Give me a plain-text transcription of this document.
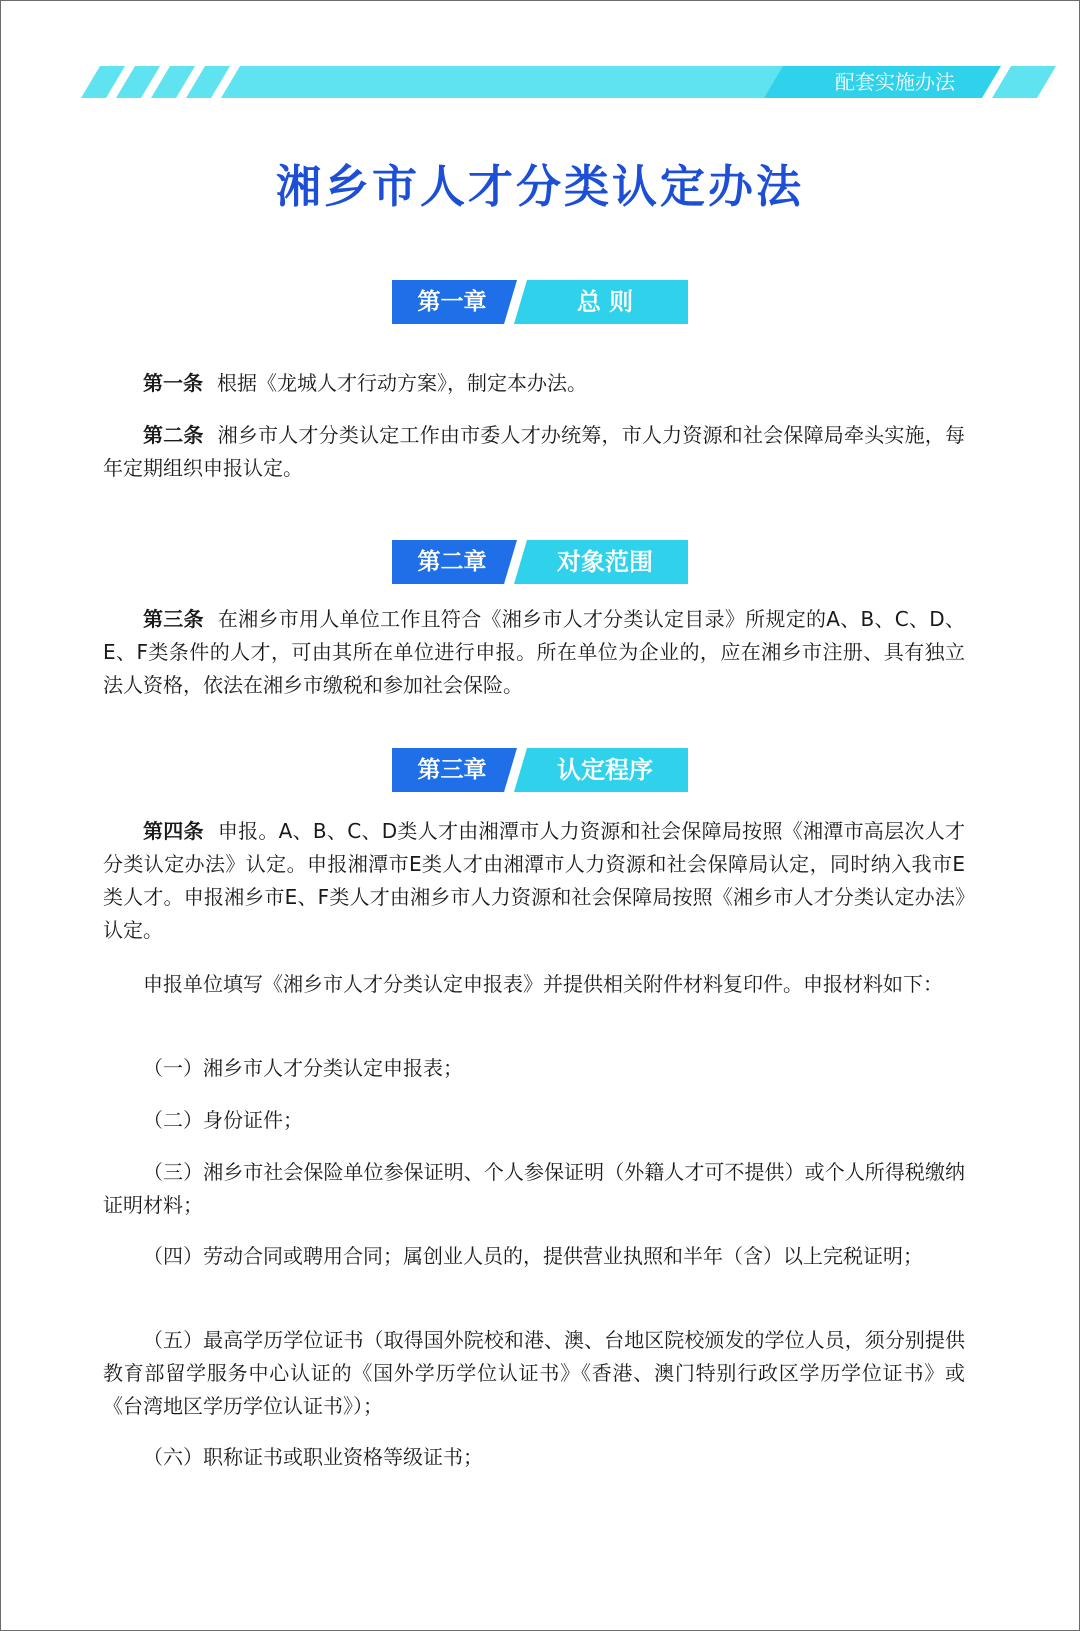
配套实施办法
湘乡市人才分类认定办法
第一章	总 则
第一条 根据《龙城人才行动方案》，制定本办法。
第二条 湘乡市人才分类认定工作由市委人才办统筹，市人力资源和社会保障局牵头实施，每年定期组织申报认定。
第二章	对象范围
第三条 在湘乡市用人单位工作且符合《湘乡市人才分类认定目录》所规定的A、B、C、D、E、F类条件的人才，可由其所在单位进行申报。所在单位为企业的，应在湘乡市注册、具有独立法人资格，依法在湘乡市缴税和参加社会保险。
第三章	认定程序
第四条 申报。A、B、C、D类人才由湘潭市人力资源和社会保障局按照《湘潭市高层次人才分类认定办法》认定。申报湘潭市E类人才由湘潭市人力资源和社会保障局认定，同时纳入我市E类人才。申报湘乡市E、F类人才由湘乡市人力资源和社会保障局按照《湘乡市人才分类认定办法》认定。
申报单位填写《湘乡市人才分类认定申报表》并提供相关附件材料复印件。申报材料如下：
（一）湘乡市人才分类认定申报表；
（二）身份证件；
（三）湘乡市社会保险单位参保证明、个人参保证明（外籍人才可不提供）或个人所得税缴纳证明材料；
（四）劳动合同或聘用合同；属创业人员的，提供营业执照和半年（含）以上完税证明；
（五）最高学历学位证书（取得国外院校和港、澳、台地区院校颁发的学位人员，须分别提供教育部留学服务中心认证的《国外学历学位认证书》《香港、澳门特别行政区学历学位证书》或《台湾地区学历学位认证书》）；
（六）职称证书或职业资格等级证书；
